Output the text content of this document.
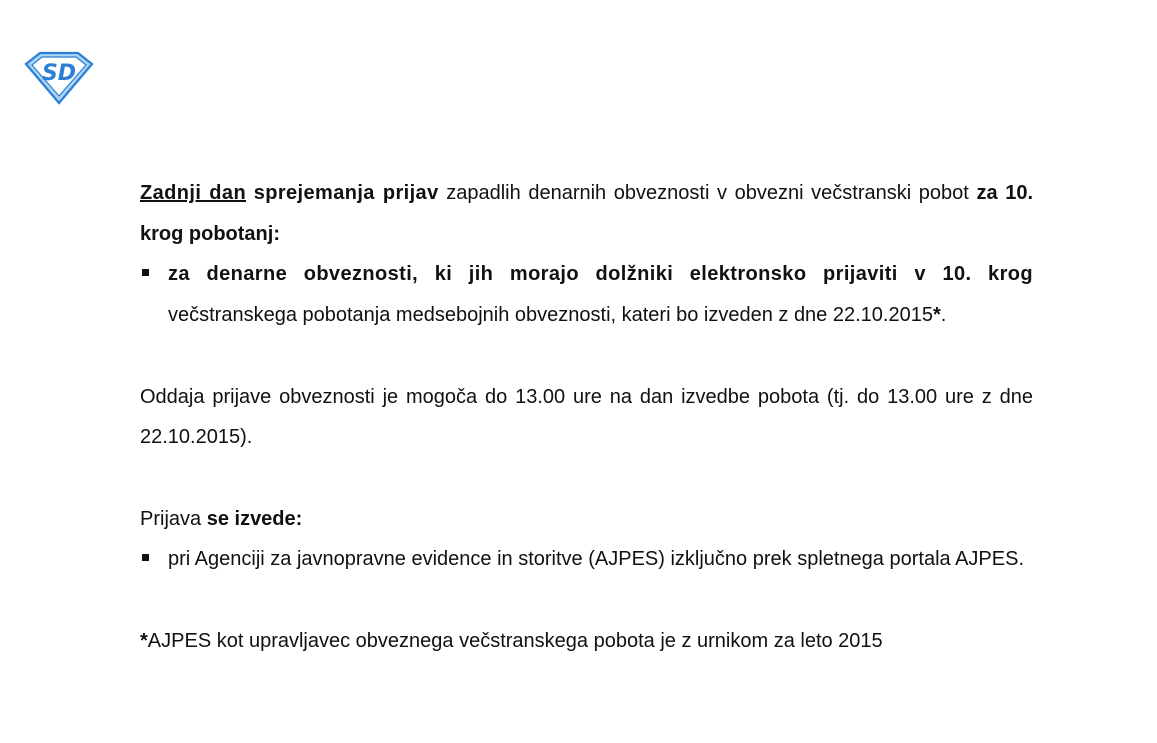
SD

Zadnji dan sprejemanja prijav zapadlih denarnih obveznosti v obvezni večstranski pobot za 10. krog pobotanj:

za denarne obveznosti, ki jih morajo dolžniki elektronsko prijaviti v 10. krog večstranskega pobotanja medsebojnih obveznosti, kateri bo izveden z dne 22.10.2015*.

Oddaja prijave obveznosti je mogoča do 13.00 ure na dan izvedbe pobota (tj. do 13.00 ure z dne 22.10.2015).

Prijava se izvede:

pri Agenciji za javnopravne evidence in storitve (AJPES) izključno prek spletnega portala AJPES.

*AJPES kot upravljavec obveznega večstranskega pobota je z urnikom za leto 2015
